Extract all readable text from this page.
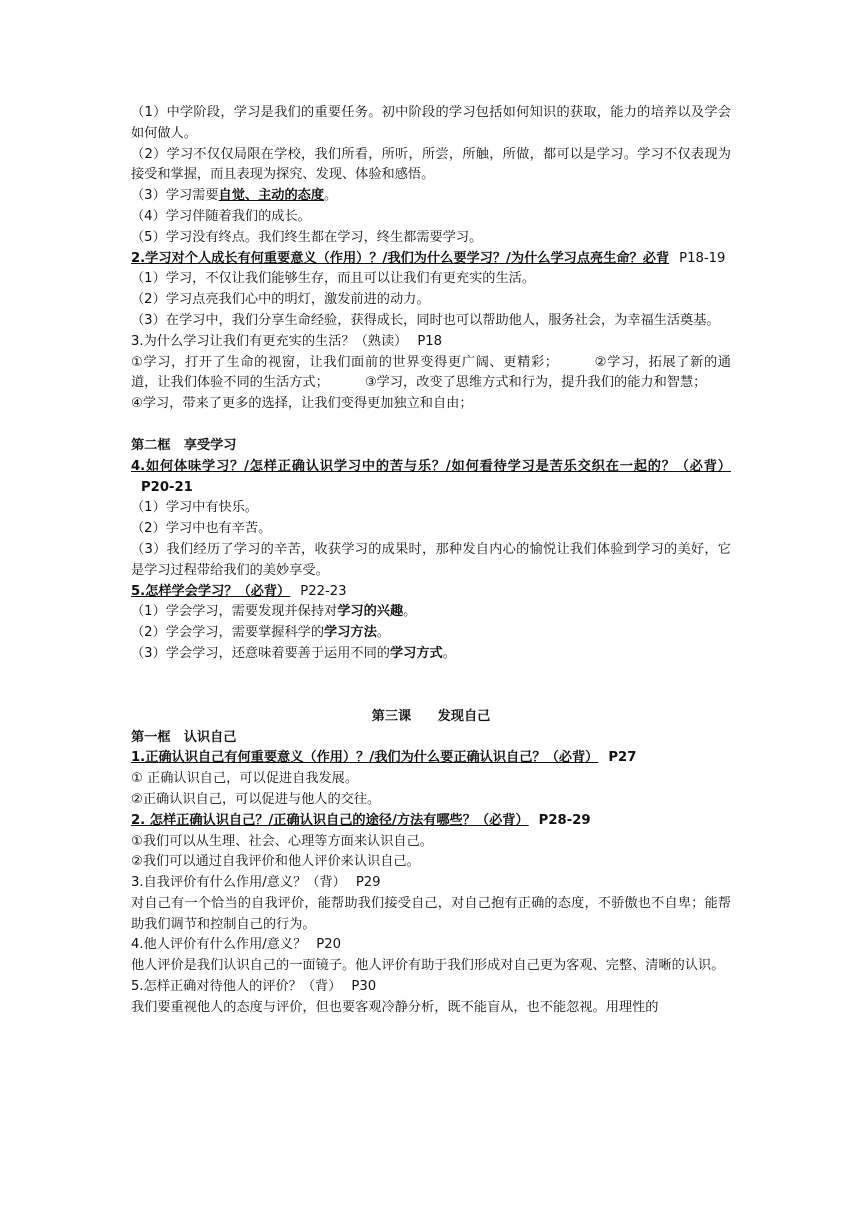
（1）中学阶段，学习是我们的重要任务。初中阶段的学习包括如何知识的获取，能力的培养以及学会如何做人。

（2）学习不仅仅局限在学校，我们所看，所听，所尝，所触，所做，都可以是学习。学习不仅表现为接受和掌握，而且表现为探究、发现、体验和感悟。

（3）学习需要自觉、主动的态度。

（4）学习伴随着我们的成长。

（5）学习没有终点。我们终生都在学习，终生都需要学习。

2.学习对个人成长有何重要意义（作用）？/我们为什么要学习？/为什么学习点亮生命？必背 P18-19

（1）学习，不仅让我们能够生存，而且可以让我们有更充实的生活。

（2）学习点亮我们心中的明灯，激发前进的动力。

（3）在学习中，我们分享生命经验，获得成长，同时也可以帮助他人，服务社会，为幸福生活奠基。

3.为什么学习让我们有更充实的生活？（熟读） P18

①学习，打开了生命的视窗，让我们面前的世界变得更广阔、更精彩；	②学习，拓展了新的通道，让我们体验不同的生活方式；	③学习，改变了思维方式和行为，提升我们的能力和智慧；

④学习，带来了更多的选择，让我们变得更加独立和自由；

第二框　享受学习

4.如何体味学习？/怎样正确认识学习中的苦与乐？/如何看待学习是苦乐交织在一起的？（必背）P20-21

（1）学习中有快乐。

（2）学习中也有辛苦。

（3）我们经历了学习的辛苦，收获学习的成果时，那种发自内心的愉悦让我们体验到学习的美好，它是学习过程带给我们的美妙享受。

5.怎样学会学习？（必背） P22-23

（1）学会学习，需要发现并保持对学习的兴趣。

（2）学会学习，需要掌握科学的学习方法。

（3）学会学习，还意味着要善于运用不同的学习方式。

第三课　　发现自己

第一框　认识自己

1.正确认识自己有何重要意义（作用）？/我们为什么要正确认识自己？（必背） P27

① 正确认识自己，可以促进自我发展。

②正确认识自己，可以促进与他人的交往。

2. 怎样正确认识自己？/正确认识自己的途径/方法有哪些？（必背） P28-29

①我们可以从生理、社会、心理等方面来认识自己。

②我们可以通过自我评价和他人评价来认识自己。

3.自我评价有什么作用/意义？（背） P29

对自己有一个恰当的自我评价，能帮助我们接受自己，对自己抱有正确的态度，不骄傲也不自卑；能帮助我们调节和控制自己的行为。

4.他人评价有什么作用/意义？ P20

他人评价是我们认识自己的一面镜子。他人评价有助于我们形成对自己更为客观、完整、清晰的认识。

5.怎样正确对待他人的评价？（背） P30

我们要重视他人的态度与评价，但也要客观冷静分析，既不能盲从，也不能忽视。用理性的
